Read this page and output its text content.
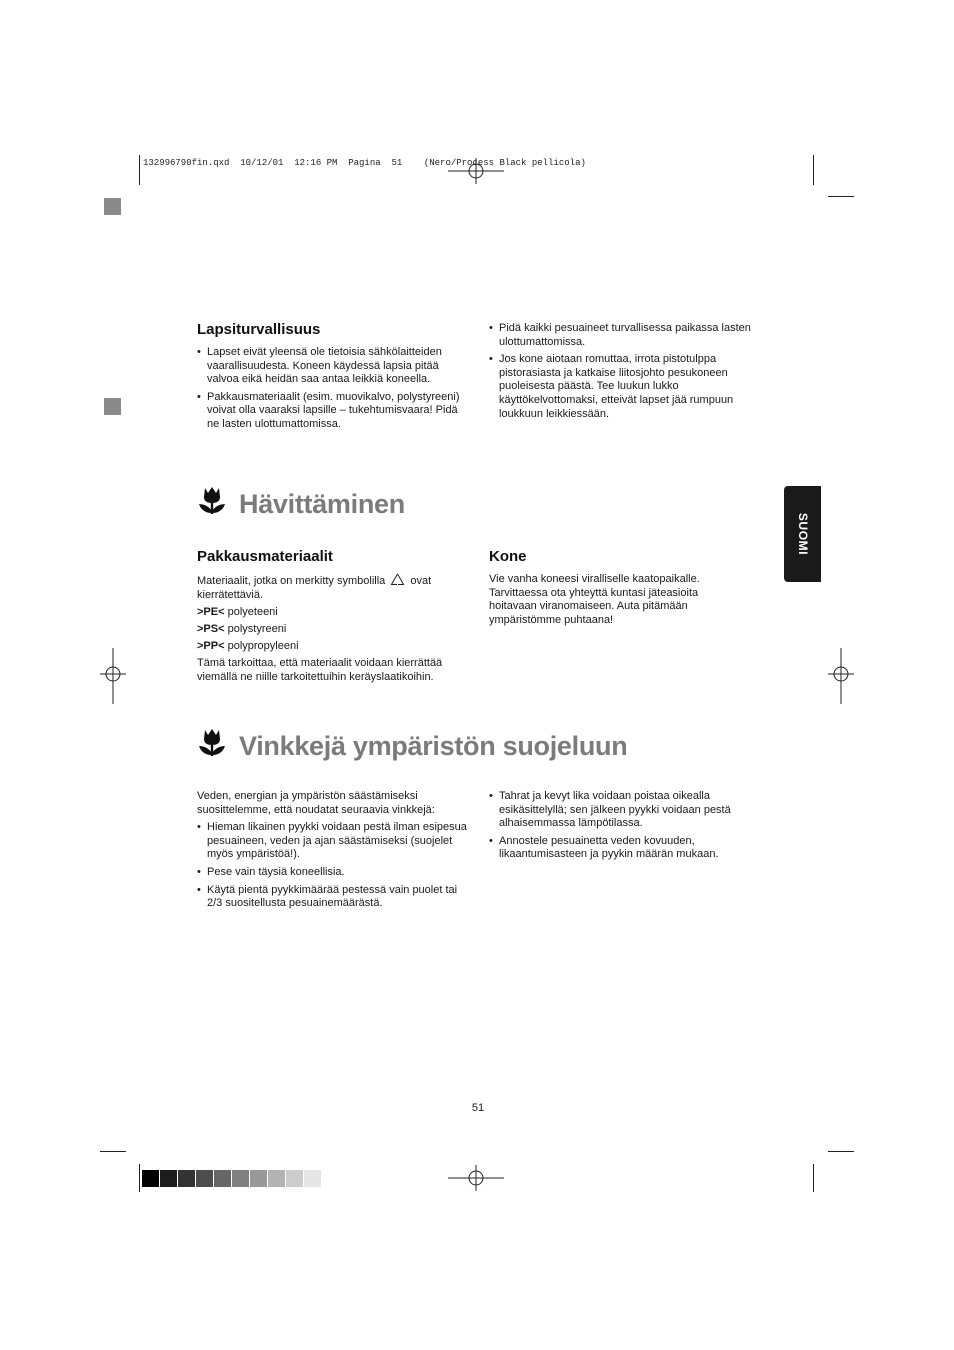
132996790fin.qxd  10/12/01  12:16 PM  Pagina  51    (Nero/Process Black pellicola)
Lapsiturvallisuus
• Lapset eivät yleensä ole tietoisia sähkölaitteiden vaarallisuudesta. Koneen käydessä lapsia pitää valvoa eikä heidän saa antaa leikkiä koneella.
• Pakkausmateriaalit (esim. muovikalvo, polystyreeni) voivat olla vaaraksi lapsille – tukehtumisvaara! Pidä ne lasten ulottumattomissa.
• Pidä kaikki pesuaineet turvallisessa paikassa lasten ulottumattomissa.
• Jos kone aiotaan romuttaa, irrota pistotulppa pistorasiasta ja katkaise liitosjohto pesukoneen puoleisesta päästä. Tee luukun lukko käyttökelvottomaksi, etteivät lapset jää rumpuun loukkuun leikkiessään.
Hävittäminen
SUOMI
Pakkausmateriaalit

Materiaalit, jotka on merkitty symbolilla ovat kierrätettäviä.

>PE< polyeteeni

>PS< polystyreeni

>PP< polypropyleeni

Tämä tarkoittaa, että materiaalit voidaan kierrättää viemällä ne niille tarkoitettuihin keräyslaatikoihin.

Kone

Vie vanha koneesi viralliselle kaatopaikalle. Tarvittaessa ota yhteyttä kuntasi jäteasioita hoitavaan viranomaiseen. Auta pitämään ympäristömme puhtaana!

Vinkkejä ympäristön suojeluun

Veden, energian ja ympäristön säästämiseksi suosittelemme, että noudatat seuraavia vinkkejä:

• Hieman likainen pyykki voidaan pestä ilman esipesua pesuaineen, veden ja ajan säästämiseksi (suojelet myös ympäristöä!).
• Pese vain täysiä koneellisia.
• Käytä pientä pyykkimäärää pestessä vain puolet tai 2/3 suositellusta pesuainemäärästä.
• Tahrat ja kevyt lika voidaan poistaa oikealla esikäsittelyllä; sen jälkeen pyykki voidaan pestä alhaisemmassa lämpötilassa.
• Annostele pesuainetta veden kovuuden, likaantumisasteen ja pyykin määrän mukaan.
51
